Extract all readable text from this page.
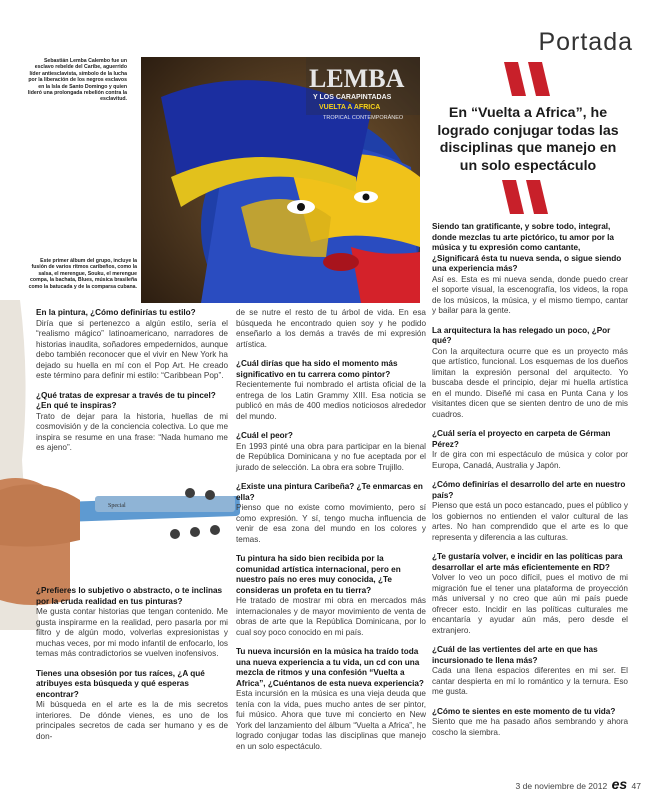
Portada
Sebastián Lemba Calembo fue un esclavo rebelde del Caribe, aguerrido líder antiesclavista, símbolo de la lucha por la liberación de los negros esclavos en la Isla de Santo Domingo y quien lideró una prolongada rebelión contra la esclavitud.
Este primer álbum del grupo, incluye la fusión de varios ritmos caribeños, como la salsa, el merengue, Souku, el merengue compa, la bachata, Blues, música brasileña como la batucada y de la comparsa cubana.
LEMBA
Y LOS CARAPINTADAS
VUELTA A AFRICA
TROPICAL CONTEMPORÁNEO
Special
En “Vuelta a Africa”, he logrado conjugar todas las disciplinas que manejo en un solo espectáculo
En la pintura, ¿Cómo definirías tu estilo?
Diría que si pertenezco a algún estilo, sería el “realismo mágico” latinoamericano, narradores de historias inaudita, soñadores empedernidos, aunque debo también reconocer que el vivir en New York ha dejado su huella en mí con el Pop Art. He creado este término para definir mi estilo: “Caribbean Pop”.
¿Qué tratas de expresar a través de tu pincel? ¿En qué te inspiras?
Trato de dejar para la historia, huellas de mi cosmovisión y de la conciencia colectiva. Lo que me inspira se resume en una frase: “Nada humano me es ajeno”.
¿Prefieres lo subjetivo o abstracto, o te inclinas por la cruda realidad en tus pinturas?
Me gusta contar historias que tengan contenido. Me gusta inspirarme en la realidad, pero pasarla por mi filtro y de algún modo, volverlas expresionistas y muchas veces, por mi modo infantil de enfocarlo, los temas más contradictorios se vuelven inofensivos.
Tienes una obsesión por tus raíces, ¿A qué atribuyes esta búsqueda y qué esperas encontrar?
Mi búsqueda en el arte es la de mis secretos interiores. De dónde vienes, es uno de los principales secretos de cada ser humano y es de don-
de se nutre el resto de tu árbol de vida. En esa búsqueda he encontrado quien soy y he podido enseñarlo a los demás a través de mi expresión artística.
¿Cuál dirías que ha sido el momento más significativo en tu carrera como pintor?
Recientemente fui nombrado el artista oficial de la entrega de los Latin Grammy XIII. Esa noticia se publicó en más de 400 medios noticiosos alrededor del mundo.
¿Cuál el peor?
En 1993 pinté una obra para participar en la bienal de República Dominicana y no fue aceptada por el jurado de selección. La obra era sobre Trujillo.
¿Existe una pintura Caribeña? ¿Te enmarcas en ella?
Pienso que no existe como movimiento, pero sí como expresión. Y sí, tengo mucha influencia de venir de esa zona del mundo en los colores y temas.
Tu pintura ha sido bien recibida por la comunidad artística internacional, pero en nuestro país no eres muy conocida, ¿Te consideras un profeta en tu tierra?
He tratado de mostrar mi obra en mercados más internacionales y de mayor movimiento de venta de obras de arte que la República Dominicana, por lo cual soy poco conocido en mi país.
Tu nueva incursión en la música ha traído toda una nueva experiencia a tu vida, un cd con una mezcla de ritmos y una confesión “Vuelta a Africa”, ¿Cuéntanos de esta nueva experiencia?
Esta incursión en la música es una vieja deuda que tenía con la vida, pues mucho antes de ser pintor, fui músico. Ahora que tuve mi concierto en New York del lanzamiento del álbum “Vuelta a Africa”, he logrado conjugar todas las disciplinas que manejo en un solo espectáculo.
Siendo tan gratificante, y sobre todo, integral, donde mezclas tu arte pictórico, tu amor por la música y tu expresión como cantante, ¿Significará ésta tu nueva senda, o sigue siendo una experiencia más?
Así es. Esta es mi nueva senda, donde puedo crear el soporte visual, la escenografía, los videos, la ropa de los músicos, la música, y el mismo tiempo, cantar y bailar para la gente.
La arquitectura la has relegado un poco, ¿Por qué?
Con la arquitectura ocurre que es un proyecto más que artístico, funcional. Los esquemas de los dueños limitan la expresión personal del arquitecto. Yo buscaba desde el principio, dejar mi huella artística en el mundo. Diseñé mi casa en Punta Cana y los visitantes dicen que se sienten dentro de uno de mis cuadros.
¿Cuál sería el proyecto en carpeta de Gérman Pérez?
Ir de gira con mi espectáculo de música y color por Europa, Canadá, Australia y Japón.
¿Cómo definirías el desarrollo del arte en nuestro país?
Pienso que está un poco estancado, pues el público y los gobiernos no entienden el valor cultural de las artes. No han comprendido que el arte es lo que representa y diferencia a las culturas.
¿Te gustaría volver, e incidir en las políticas para desarrollar el arte más eficientemente en RD?
Volver lo veo un poco difícil, pues el motivo de mi migración fue el tener una plataforma de proyección más universal y no creo que aún mi país puede ofrecer esto. Incidir en las políticas culturales me encantaría y ayudar aún más, pero desde el extranjero.
¿Cuál de las vertientes del arte en que has incursionado te llena más?
Cada una llena espacios diferentes en mi ser. El cantar despierta en mí lo romántico y la ternura. Eso me gusta.
¿Cómo te sientes en este momento de tu vida?
Siento que me ha pasado años sembrando y ahora coscho la siembra.
3 de noviembre de 2012 es 47
